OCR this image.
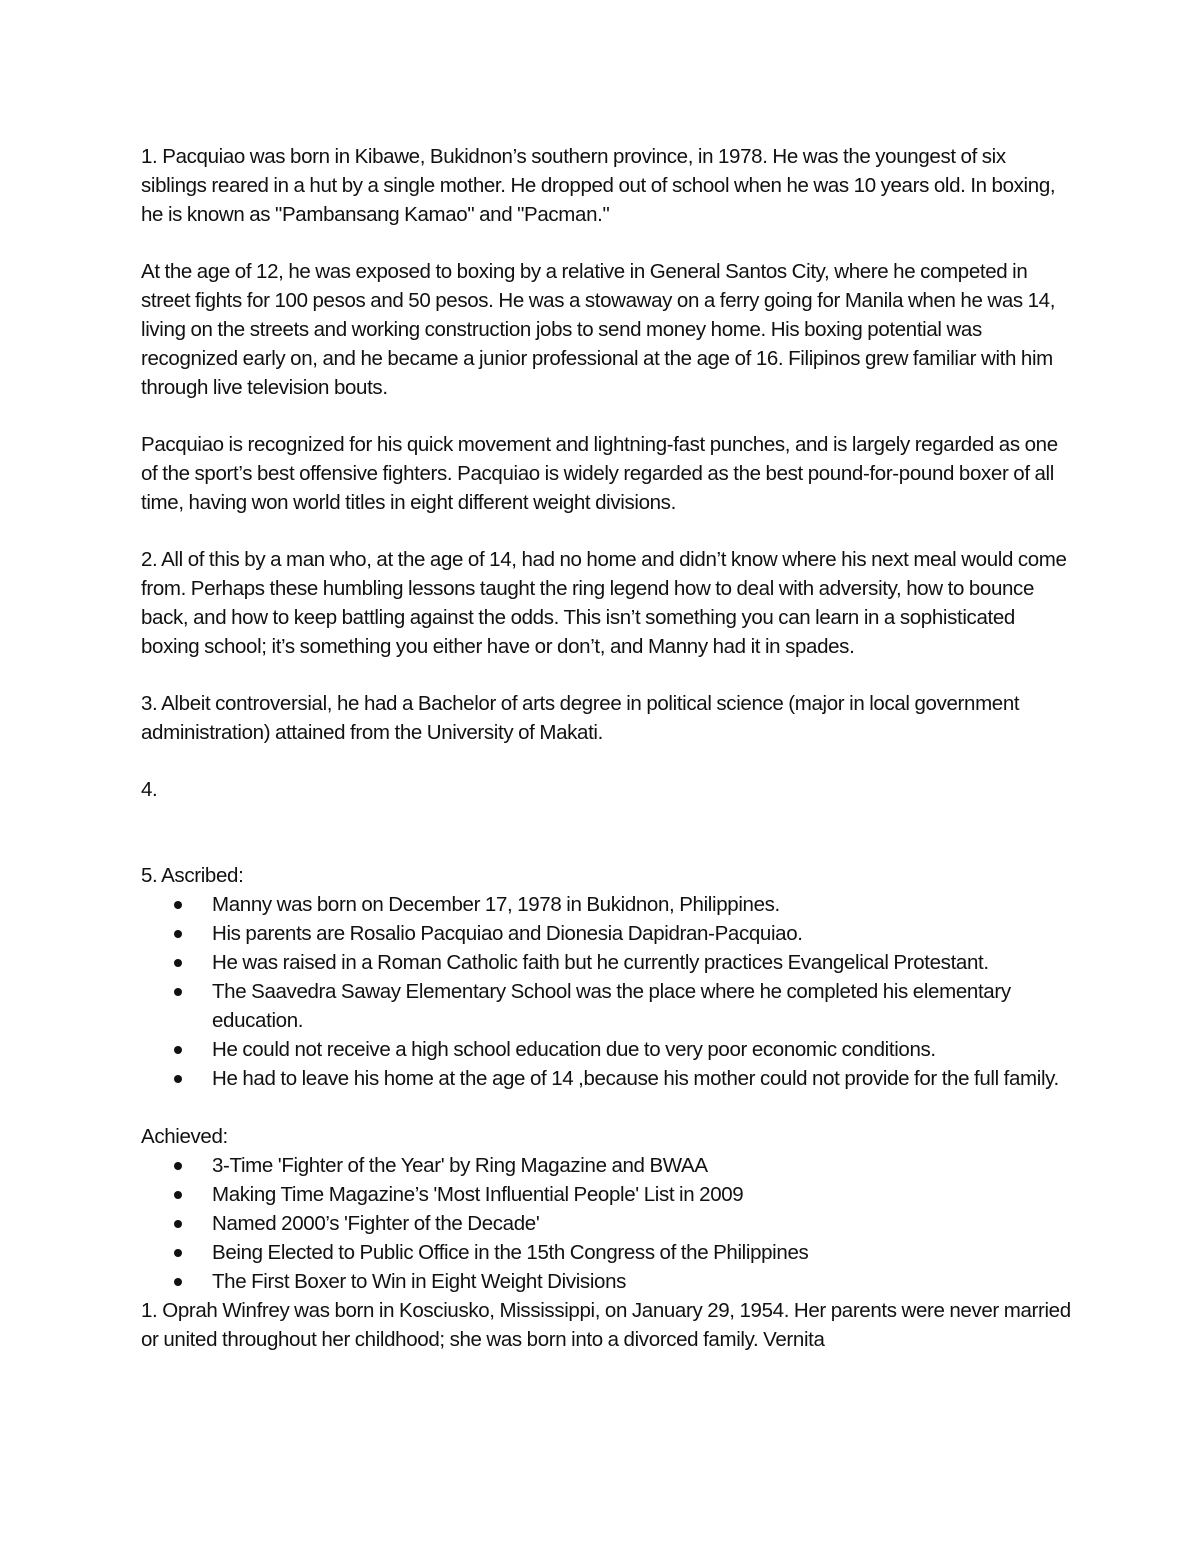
1. Pacquiao was born in Kibawe, Bukidnon’s southern province, in 1978. He was the youngest of six siblings reared in a hut by a single mother. He dropped out of school when he was 10 years old. In boxing, he is known as "Pambansang Kamao" and "Pacman."

At the age of 12, he was exposed to boxing by a relative in General Santos City, where he competed in street fights for 100 pesos and 50 pesos. He was a stowaway on a ferry going for Manila when he was 14, living on the streets and working construction jobs to send money home. His boxing potential was recognized early on, and he became a junior professional at the age of 16. Filipinos grew familiar with him through live television bouts.

Pacquiao is recognized for his quick movement and lightning-fast punches, and is largely regarded as one of the sport’s best offensive fighters. Pacquiao is widely regarded as the best pound-for-pound boxer of all time, having won world titles in eight different weight divisions.

2. All of this by a man who, at the age of 14, had no home and didn’t know where his next meal would come from. Perhaps these humbling lessons taught the ring legend how to deal with adversity, how to bounce back, and how to keep battling against the odds. This isn’t something you can learn in a sophisticated boxing school; it’s something you either have or don’t, and Manny had it in spades.

3. Albeit controversial, he had a Bachelor of arts degree in political science (major in local government administration) attained from the University of Makati.

4.

5. Ascribed:

Manny was born on December 17, 1978 in Bukidnon, Philippines.
His parents are Rosalio Pacquiao and Dionesia Dapidran-Pacquiao.
He was raised in a Roman Catholic faith but he currently practices Evangelical Protestant.
The Saavedra Saway Elementary School was the place where he completed his elementary education.
He could not receive a high school education due to very poor economic conditions.
He had to leave his home at the age of 14 ,because his mother could not provide for the full family.

Achieved:

3-Time 'Fighter of the Year' by Ring Magazine and BWAA
Making Time Magazine’s 'Most Influential People' List in 2009
Named 2000’s 'Fighter of the Decade'
Being Elected to Public Office in the 15th Congress of the Philippines
The First Boxer to Win in Eight Weight Divisions

1. Oprah Winfrey was born in Kosciusko, Mississippi, on January 29, 1954. Her parents were never married or united throughout her childhood; she was born into a divorced family. Vernita
